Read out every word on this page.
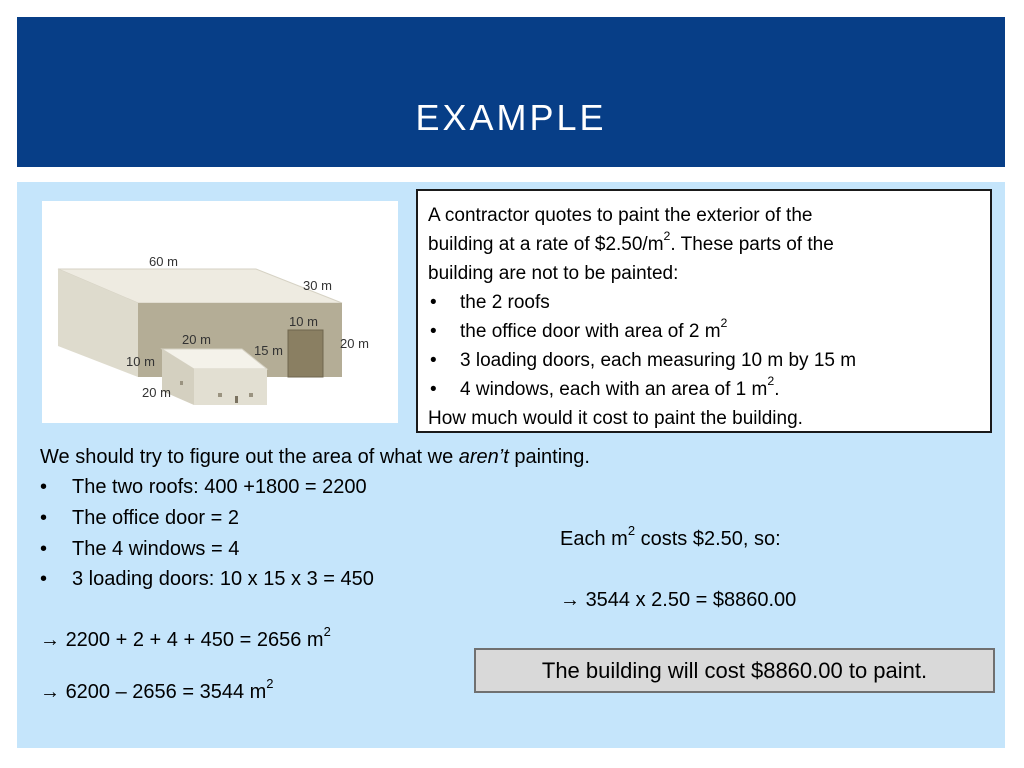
EXAMPLE
60 m
30 m
10 m
20 m
20 m
15 m
10 m
20 m
A contractor quotes to paint the exterior of the
building at a rate of $\$2.50/m^2$. These parts of the
building are not to be painted:
•	the 2 roofs
•	the office door with area of 2 $m^2$
•	3 loading doors, each measuring 10 m by 15 m
•	4 windows, each with an area of 1 $m^2$.
How much would it cost to paint the building.
We should try to figure out the area of what we aren’t painting.
•	The two roofs: 400 +1800 = 2200
•	The office door = 2
•	The 4 windows = 4
•	3 loading doors: 10 x 15 x 3 = 450
→ 2200 + 2 + 4 + 450 = 2656 $m^2$
→ 6200 – 2656 = 3544 $m^2$
Each $m^2$ costs $2.50, so:
→ 3544 x 2.50 = $8860.00
The building will cost $8860.00 to paint.
